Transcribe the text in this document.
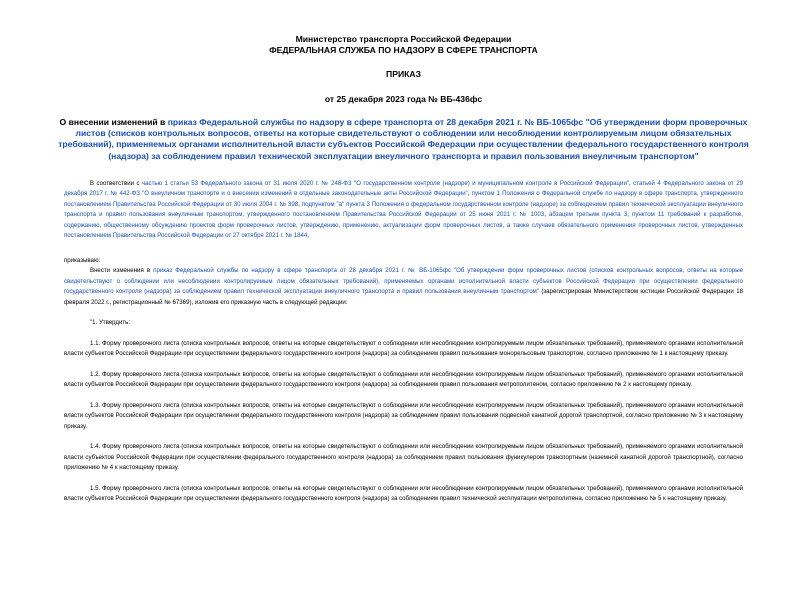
Министерство транспорта Российской Федерации
ФЕДЕРАЛЬНАЯ СЛУЖБА ПО НАДЗОРУ В СФЕРЕ ТРАНСПОРТА
ПРИКАЗ
от 25 декабря 2023 года № ВБ-436фс
О внесении изменений в приказ Федеральной службы по надзору в сфере транспорта от 28 декабря 2021 г. № ВБ-1065фс "Об утверждении форм проверочных листов (списков контрольных вопросов, ответы на которые свидетельствуют о соблюдении или несоблюдении контролируемым лицом обязательных требований), применяемых органами исполнительной власти субъектов Российской Федерации при осуществлении федерального государственного контроля (надзора) за соблюдением правил технической эксплуатации внеуличного транспорта и правил пользования внеуличным транспортом"

В соответствии с частью 1 статьи 53 Федерального закона от 31 июля 2020 г. № 248-ФЗ "О государственном контроле (надзоре) и муниципальном контроле в Российской Федерации", статьей 4 Федерального закона от 29 декабря 2017 г. № 442-ФЗ "О внеуличном транспорте и о внесении изменений в отдельные законодательные акты Российской Федерации", пунктом 1 Положения о Федеральной службе по надзору в сфере транспорта, утвержденного постановлением Правительства Российской Федерации от 30 июля 2004 г. № 398, подпунктом "а" пункта 3 Положения о федеральном государственном контроле (надзоре) за соблюдением правил технической эксплуатации внеуличного транспорта и правил пользования внеуличным транспортом, утвержденного постановлением Правительства Российской Федерации от 25 июня 2021 г. № 1003, абзацем третьим пункта 3, пунктом 11 требований к разработке, содержанию, общественному обсуждению проектов форм проверочных листов, утверждению, применению, актуализации форм проверочных листов, а также случаев обязательного применения проверочных листов, утвержденных постановлением Правительства Российской Федерации от 27 октября 2021 г. № 1844,

приказываю:

Внести изменения в приказ Федеральной службы по надзору в сфере транспорта от 28 декабря 2021 г. № ВБ-1065фс "Об утверждении форм проверочных листов (списков контрольных вопросов, ответы на которые свидетельствуют о соблюдении или несоблюдении контролируемым лицом обязательных требований), применяемых органами исполнительной власти субъектов Российской Федерации при осуществлении федерального государственного контроля (надзора) за соблюдением правил технической эксплуатации внеуличного транспорта и правил пользования внеуличным транспортом" (зарегистрирован Министерством юстиции Российской Федерации 18 февраля 2022 г., регистрационный № 67369), изложив его приказную часть в следующей редакции:

"1. Утвердить:

1.1. Форму проверочного листа (списка контрольных вопросов, ответы на которые свидетельствуют о соблюдении или несоблюдении контролируемым лицом обязательных требований), применяемого органами исполнительной власти субъектов Российской Федерации при осуществлении федерального государственного контроля (надзора) за соблюдением правил пользования монорельсовым транспортом, согласно приложению № 1 к настоящему приказу.

1.2. Форму проверочного листа (списка контрольных вопросов, ответы на которые свидетельствуют о соблюдении или несоблюдении контролируемым лицом обязательных требований), применяемого органами исполнительной власти субъектов Российской Федерации при осуществлении федерального государственного контроля (надзора) за соблюдением правил пользования метрополитеном, согласно приложению № 2 к настоящему приказу.

1.3. Форму проверочного листа (списка контрольных вопросов, ответы на которые свидетельствуют о соблюдении или несоблюдении контролируемым лицом обязательных требований), применяемого органами исполнительной власти субъектов Российской Федерации при осуществлении федерального государственного контроля (надзора) за соблюдением правил пользования подвесной канатной дорогой транспортной, согласно приложению № 3 к настоящему приказу.

1.4. Форму проверочного листа (списка контрольных вопросов, ответы на которые свидетельствуют о соблюдении или несоблюдении контролируемым лицом обязательных требований), применяемого органами исполнительной власти субъектов Российской Федерации при осуществлении федерального государственного контроля (надзора) за соблюдением правил пользования фуникулером транспортным (наземной канатной дорогой транспортной), согласно приложению № 4 к настоящему приказу.

1.5. Форму проверочного листа (списка контрольных вопросов, ответы на которые свидетельствуют о соблюдении или несоблюдении контролируемым лицом обязательных требований), применяемого органами исполнительной власти субъектов Российской Федерации при осуществлении федерального государственного контроля (надзора) за соблюдением правил технической эксплуатации метрополитена, согласно приложению № 5 к настоящему приказу.
